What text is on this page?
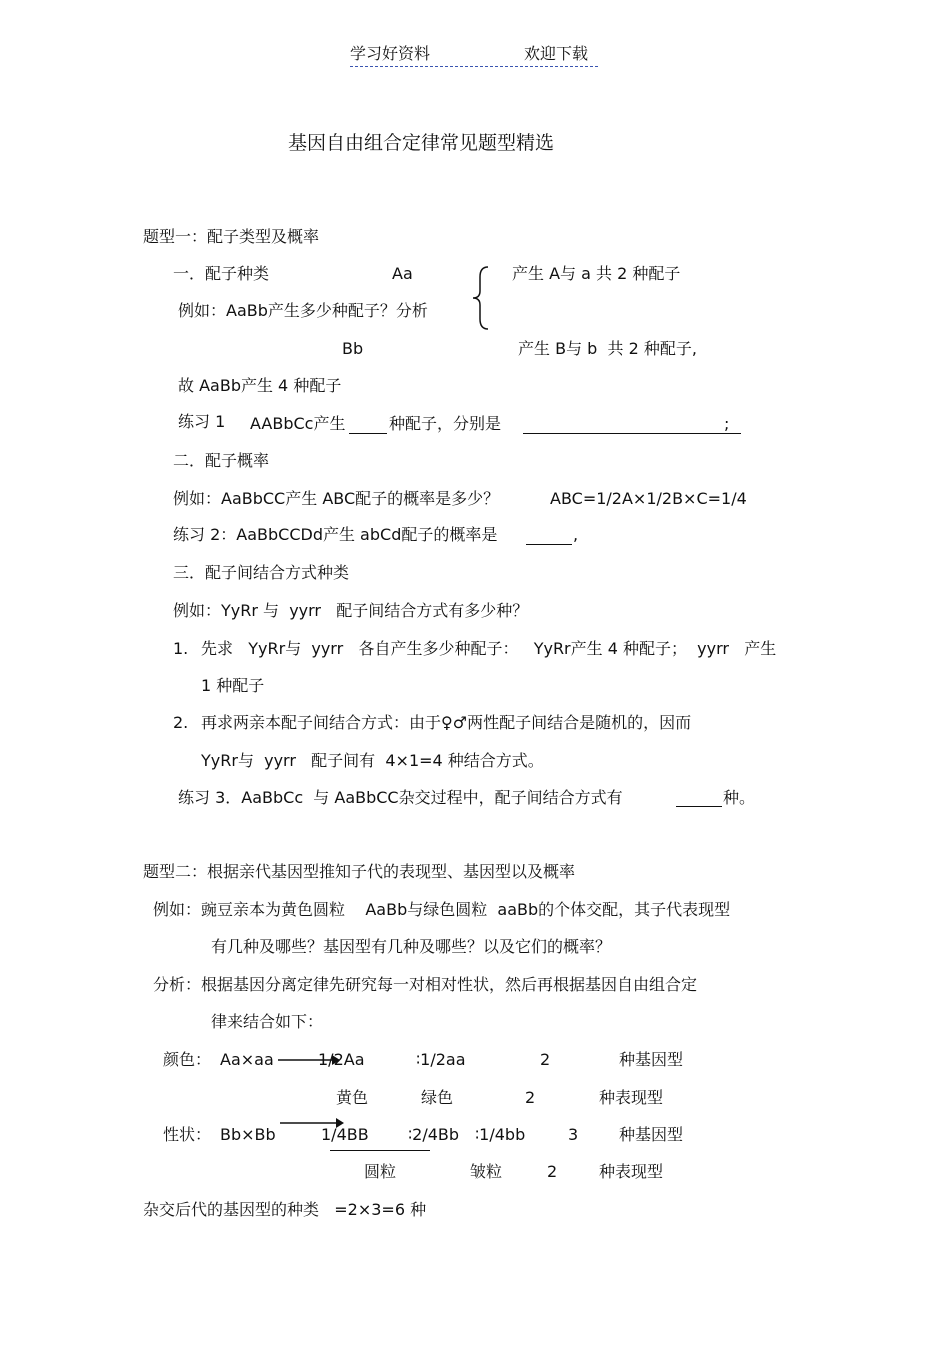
学习好资料	欢迎下载
基因自由组合定律常见题型精选
题型一：配子类型及概率
一．配子种类	Aa	产生 A与 a 共 2 种配子
例如：AaBb产生多少种配子？分析
Bb	产生 B与 b  共 2 种配子,
故 AaBb产生 4 种配子
练习 1 AABbCc产生	种配子，分别是	;
二．配子概率
例如：AaBbCC产生 ABC配子的概率是多少？	ABC=1/2A×1/2B×C=1/4
练习 2：AaBbCCDd产生 abCd配子的概率是	,
三．配子间结合方式种类
例如：YyRr 与  yyrr   配子间结合方式有多少种？
1. 先求   YyRr与  yyrr   各自产生多少种配子：   YyRr产生 4 种配子；  yyrr   产生
1 种配子
2. 再求两亲本配子间结合方式：由于♀♂两性配子间结合是随机的，因而
YyRr与  yyrr   配子间有  4×1=4 种结合方式。
练习 3．AaBbCc  与 AaBbCC杂交过程中，配子间结合方式有	种。
题型二：根据亲代基因型推知子代的表现型、基因型以及概率
例如：豌豆亲本为黄色圆粒    AaBb与绿色圆粒  aaBb的个体交配，其子代表现型
有几种及哪些？基因型有几种及哪些？以及它们的概率？
分析：根据基因分离定律先研究每一对相对性状，然后再根据基因自由组合定
律来结合如下：
颜色： Aa×aa	1/2Aa	∶1/2aa	2	种基因型
黄色	绿色	2	种表现型
性状： Bb×Bb	1/4BB ∶2/4Bb ∶1/4bb	3	种基因型
圆粒	皱粒	2	种表现型
杂交后代的基因型的种类   =2×3=6 种
